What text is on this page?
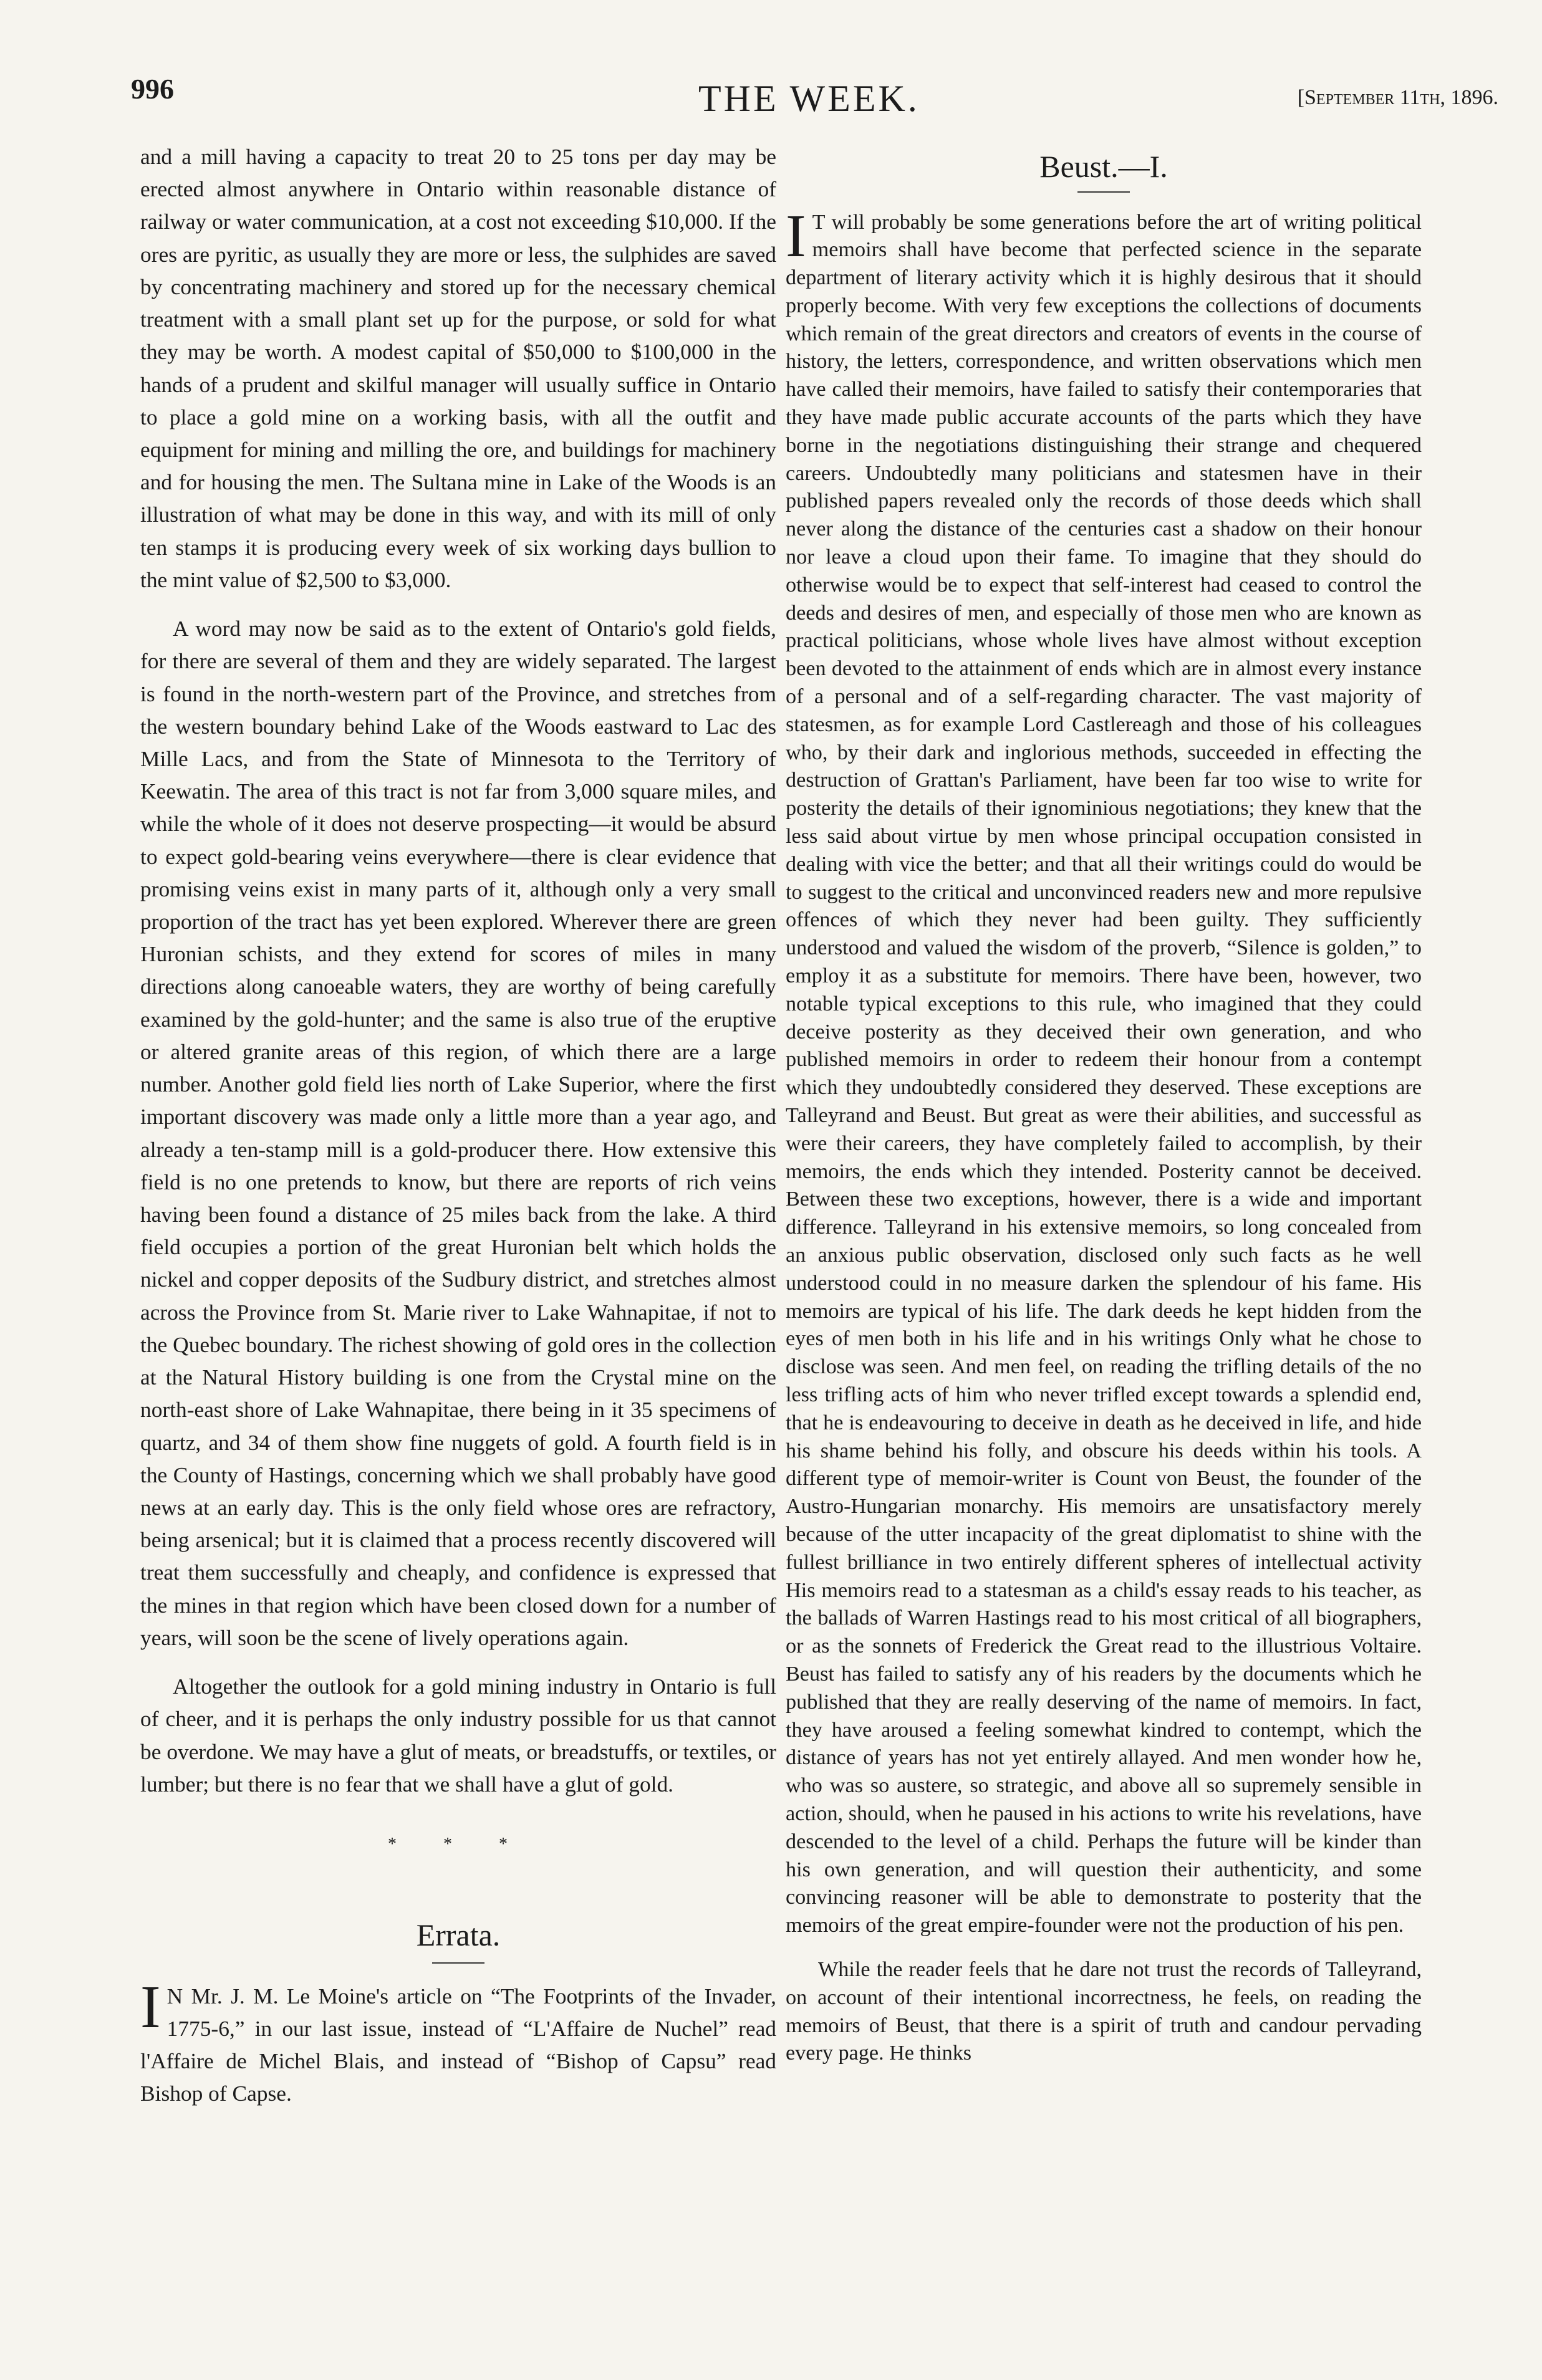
996	THE WEEK.	[September 11th, 1896.

and a mill having a capacity to treat 20 to 25 tons per day may be erected almost anywhere in Ontario within reasonable distance of railway or water communication, at a cost not exceeding $10,000. If the ores are pyritic, as usually they are more or less, the sulphides are saved by concentrating machinery and stored up for the necessary chemical treatment with a small plant set up for the purpose, or sold for what they may be worth. A modest capital of $50,000 to $100,000 in the hands of a prudent and skilful manager will usually suffice in Ontario to place a gold mine on a working basis, with all the outfit and equipment for mining and milling the ore, and buildings for machinery and for housing the men. The Sultana mine in Lake of the Woods is an illustration of what may be done in this way, and with its mill of only ten stamps it is producing every week of six working days bullion to the mint value of $2,500 to $3,000.

A word may now be said as to the extent of Ontario's gold fields, for there are several of them and they are widely separated. The largest is found in the north-western part of the Province, and stretches from the western boundary behind Lake of the Woods eastward to Lac des Mille Lacs, and from the State of Minnesota to the Territory of Keewatin. The area of this tract is not far from 3,000 square miles, and while the whole of it does not deserve prospecting—it would be absurd to expect gold-bearing veins everywhere—there is clear evidence that promising veins exist in many parts of it, although only a very small proportion of the tract has yet been explored. Wherever there are green Huronian schists, and they extend for scores of miles in many directions along canoeable waters, they are worthy of being carefully examined by the gold-hunter; and the same is also true of the eruptive or altered granite areas of this region, of which there are a large number. Another gold field lies north of Lake Superior, where the first important discovery was made only a little more than a year ago, and already a ten-stamp mill is a gold-producer there. How extensive this field is no one pretends to know, but there are reports of rich veins having been found a distance of 25 miles back from the lake. A third field occupies a portion of the great Huronian belt which holds the nickel and copper deposits of the Sudbury district, and stretches almost across the Province from St. Marie river to Lake Wahnapitae, if not to the Quebec boundary. The richest showing of gold ores in the collection at the Natural History building is one from the Crystal mine on the north-east shore of Lake Wahnapitae, there being in it 35 specimens of quartz, and 34 of them show fine nuggets of gold. A fourth field is in the County of Hastings, concerning which we shall probably have good news at an early day. This is the only field whose ores are refractory, being arsenical; but it is claimed that a process recently discovered will treat them successfully and cheaply, and confidence is expressed that the mines in that region which have been closed down for a number of years, will soon be the scene of lively operations again.

Altogether the outlook for a gold mining industry in Ontario is full of cheer, and it is perhaps the only industry possible for us that cannot be overdone. We may have a glut of meats, or breadstuffs, or textiles, or lumber; but there is no fear that we shall have a glut of gold.

* * *
Errata.

I N Mr. J. M. Le Moine's article on “The Footprints of the Invader, 1775-6,” in our last issue, instead of “L'Affaire de Nuchel” read l'Affaire de Michel Blais, and instead of “Bishop of Capsu” read Bishop of Capse.

Beust.—I.

I T will probably be some generations before the art of writing political memoirs shall have become that perfected science in the separate department of literary activity which it is highly desirous that it should properly become. With very few exceptions the collections of documents which remain of the great directors and creators of events in the course of history, the letters, correspondence, and written observations which men have called their memoirs, have failed to satisfy their contemporaries that they have made public accurate accounts of the parts which they have borne in the negotiations distinguishing their strange and chequered careers. Undoubtedly many politicians and statesmen have in their published papers revealed only the records of those deeds which shall never along the distance of the centuries cast a shadow on their honour nor leave a cloud upon their fame. To imagine that they should do otherwise would be to expect that self-interest had ceased to control the deeds and desires of men, and especially of those men who are known as practical politicians, whose whole lives have almost without exception been devoted to the attainment of ends which are in almost every instance of a personal and of a self-regarding character. The vast majority of statesmen, as for example Lord Castlereagh and those of his colleagues who, by their dark and inglorious methods, succeeded in effecting the destruction of Grattan's Parliament, have been far too wise to write for posterity the details of their ignominious negotiations; they knew that the less said about virtue by men whose principal occupation consisted in dealing with vice the better; and that all their writings could do would be to suggest to the critical and unconvinced readers new and more repulsive offences of which they never had been guilty. They sufficiently understood and valued the wisdom of the proverb, “Silence is golden,” to employ it as a substitute for memoirs. There have been, however, two notable typical exceptions to this rule, who imagined that they could deceive posterity as they deceived their own generation, and who published memoirs in order to redeem their honour from a contempt which they undoubtedly considered they deserved. These exceptions are Talleyrand and Beust. But great as were their abilities, and successful as were their careers, they have completely failed to accomplish, by their memoirs, the ends which they intended. Posterity cannot be deceived. Between these two exceptions, however, there is a wide and important difference. Talleyrand in his extensive memoirs, so long concealed from an anxious public observation, disclosed only such facts as he well understood could in no measure darken the splendour of his fame. His memoirs are typical of his life. The dark deeds he kept hidden from the eyes of men both in his life and in his writings Only what he chose to disclose was seen. And men feel, on reading the trifling details of the no less trifling acts of him who never trifled except towards a splendid end, that he is endeavouring to deceive in death as he deceived in life, and hide his shame behind his folly, and obscure his deeds within his tools. A different type of memoir-writer is Count von Beust, the founder of the Austro-Hungarian monarchy. His memoirs are unsatisfactory merely because of the utter incapacity of the great diplomatist to shine with the fullest brilliance in two entirely different spheres of intellectual activity His memoirs read to a statesman as a child's essay reads to his teacher, as the ballads of Warren Hastings read to his most critical of all biographers, or as the sonnets of Frederick the Great read to the illustrious Voltaire. Beust has failed to satisfy any of his readers by the documents which he published that they are really deserving of the name of memoirs. In fact, they have aroused a feeling somewhat kindred to contempt, which the distance of years has not yet entirely allayed. And men wonder how he, who was so austere, so strategic, and above all so supremely sensible in action, should, when he paused in his actions to write his revelations, have descended to the level of a child. Perhaps the future will be kinder than his own generation, and will question their authenticity, and some convincing reasoner will be able to demonstrate to posterity that the memoirs of the great empire-founder were not the production of his pen.

While the reader feels that he dare not trust the records of Talleyrand, on account of their intentional incorrectness, he feels, on reading the memoirs of Beust, that there is a spirit of truth and candour pervading every page. He thinks
